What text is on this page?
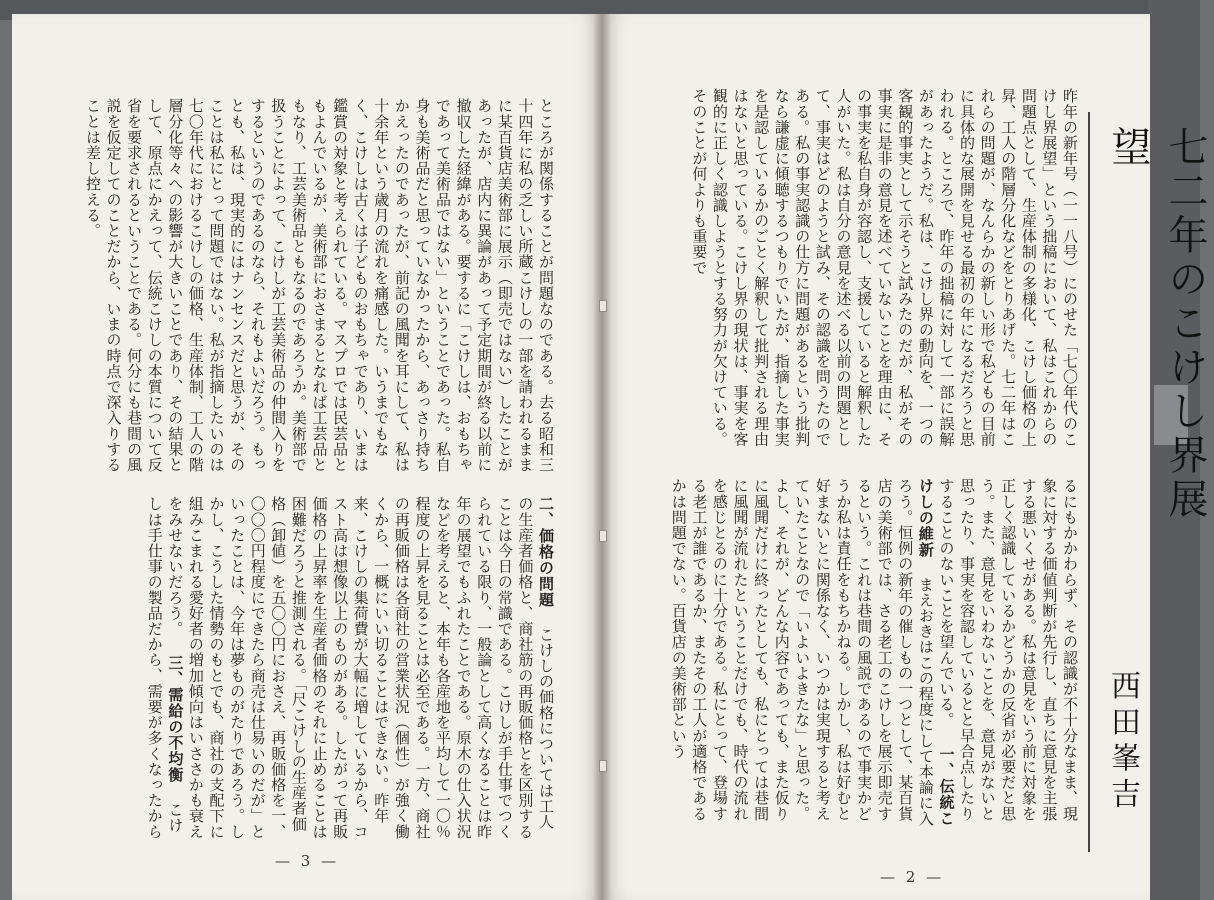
七二年のこけし界展望
西田峯吉
昨年の新年号（一一八号）にのせた「七〇年代のこけし界展望」という拙稿において、私はこれからの問題点として、生産体制の多様化、こけし価格の上昇、工人の階層分化などをとりあげた。七二年はこれらの問題が、なんらかの新しい形で私どもの目前に具体的な展開を見せる最初の年になるだろうと思われる。ところで、昨年の拙稿に対して一部に誤解があったようだ。私は、こけし界の動向を、一つの客観的事実として示そうと試みたのだが、私がその事実に是非の意見を述べていないことを理由に、その事実を私自身が容認し、支援していると解釈した人がいた。私は自分の意見を述べる以前の問題として、事実はどのようと試み、その認識を問うたのである。私の事実認識の仕方に問題があるという批判なら謙虚に傾聴するつもりでいたが、指摘した事実を是認しているかのごとく解釈して批判される理由はないと思っている。こけし界の現状は、事実を客観的に正しく認識しようとする努力が欠けている。そのことが何よりも重要で
るにもかかわらず、その認識が不十分なまま、現象に対する価値判断が先行し、直ちに意見を主張する悪いくせがある。私は意見をいう前に対象を正しく認識しているかどうかの反省が必要だと思う。また、意見をいわないことを、意見がないと思ったり、事実を容認しているとと早合点したりすることのないことを望んでいる。 一、伝統こけしの維新 まえおきはこの程度にして本論に入ろう。恒例の新年の催しもの一つとして、某百貨店の美術部では、さる老工のこけしを展示即売するという。これは巷間の風説であるので事実かどうか私は責任をもちかねる。しかし、私は好むと好まないとに関係なく、いつかは実現すると考えていたことなので「いよいよきたな」と思った。よし、それが、どんな内容であっても、また仮りに風聞だけに終ったとしても、私にとっては巷間に風聞が流れたということだけでも、時代の流れを感じとるのに十分である。私にとって、登場する老工が誰であるか、またその工人が適格であるかは問題でない。百貨店の美術部という
— 2 —
ところが関係することが問題なのである。去る昭和三十四年に私の乏しい所蔵こけしの一部を請われるままに某百貨店美術部に展示（即売ではない）したことがあったが、店内に異論があって予定期間が終る以前に撤収した経緯がある。要するに「こけしは、おもちゃであって美術品ではない」ということであった。私自身も美術品だと思っていなかったから、あっさり持ちかえったのであったが、前記の風聞を耳にして、私は十余年という歳月の流れを痛感した。いうまでもなく、こけしは古くは子どものおもちゃであり、いまは鑑賞の対象と考えられている。マスプロでは民芸品ともよんでいるが、美術部におさまるとなれば工芸品ともなり、工芸美術品ともなるのであろうか。美術部で扱うことによって、こけしが工芸美術品の仲間入りをするというのであるのなら、それもよいだろう。もっとも、私は、現実的にはナンセンスだと思うが、そのことは私にとって問題ではない。私が指摘したいのは七〇年代におけるこけしの価格、生産体制、工人の階層分化等々への影響が大きいことであり、その結果として、原点にかえって、伝統こけしの本質について反省を要求されるということである。何分にも巷間の風説を仮定してのことだから、いまの時点で深入りすることは差し控える。
二、価格の問題 こけしの価格については工人の生産者価格と、商社筋の再販価格とを区別することは今日の常識である。こけしが手仕事でつくられている限り、一般論として高くなることは昨年の展望でもふれたことである。原木の仕入状況などを考えると、本年も各産地を平均して一〇％程度の上昇を見ることは必至である。一方、商社の再販価格は各商社の営業状況（個性）が強く働くから、一概にいい切ることはできない。昨年来、こけしの集荷費が大幅に増しているから、コスト高は想像以上のものがある。したがって再販価格の上昇率を生産者価格のそれに止めることは困難だろうと推測される。「尺こけしの生産者価格（卸値）を五〇〇円におさえ、再販価格を一、〇〇〇円程度にできたら商売は仕易いのだが」といったことは、今年は夢ものがたりであろう。しかし、こうした情勢のもとでも、商社の支配下に組みこまれる愛好者の増加傾向はいささかも衰えをみせないだろう。 三、需給の不均衡 こけしは手仕事の製品だから、需要が多くなったから
— 3 —
